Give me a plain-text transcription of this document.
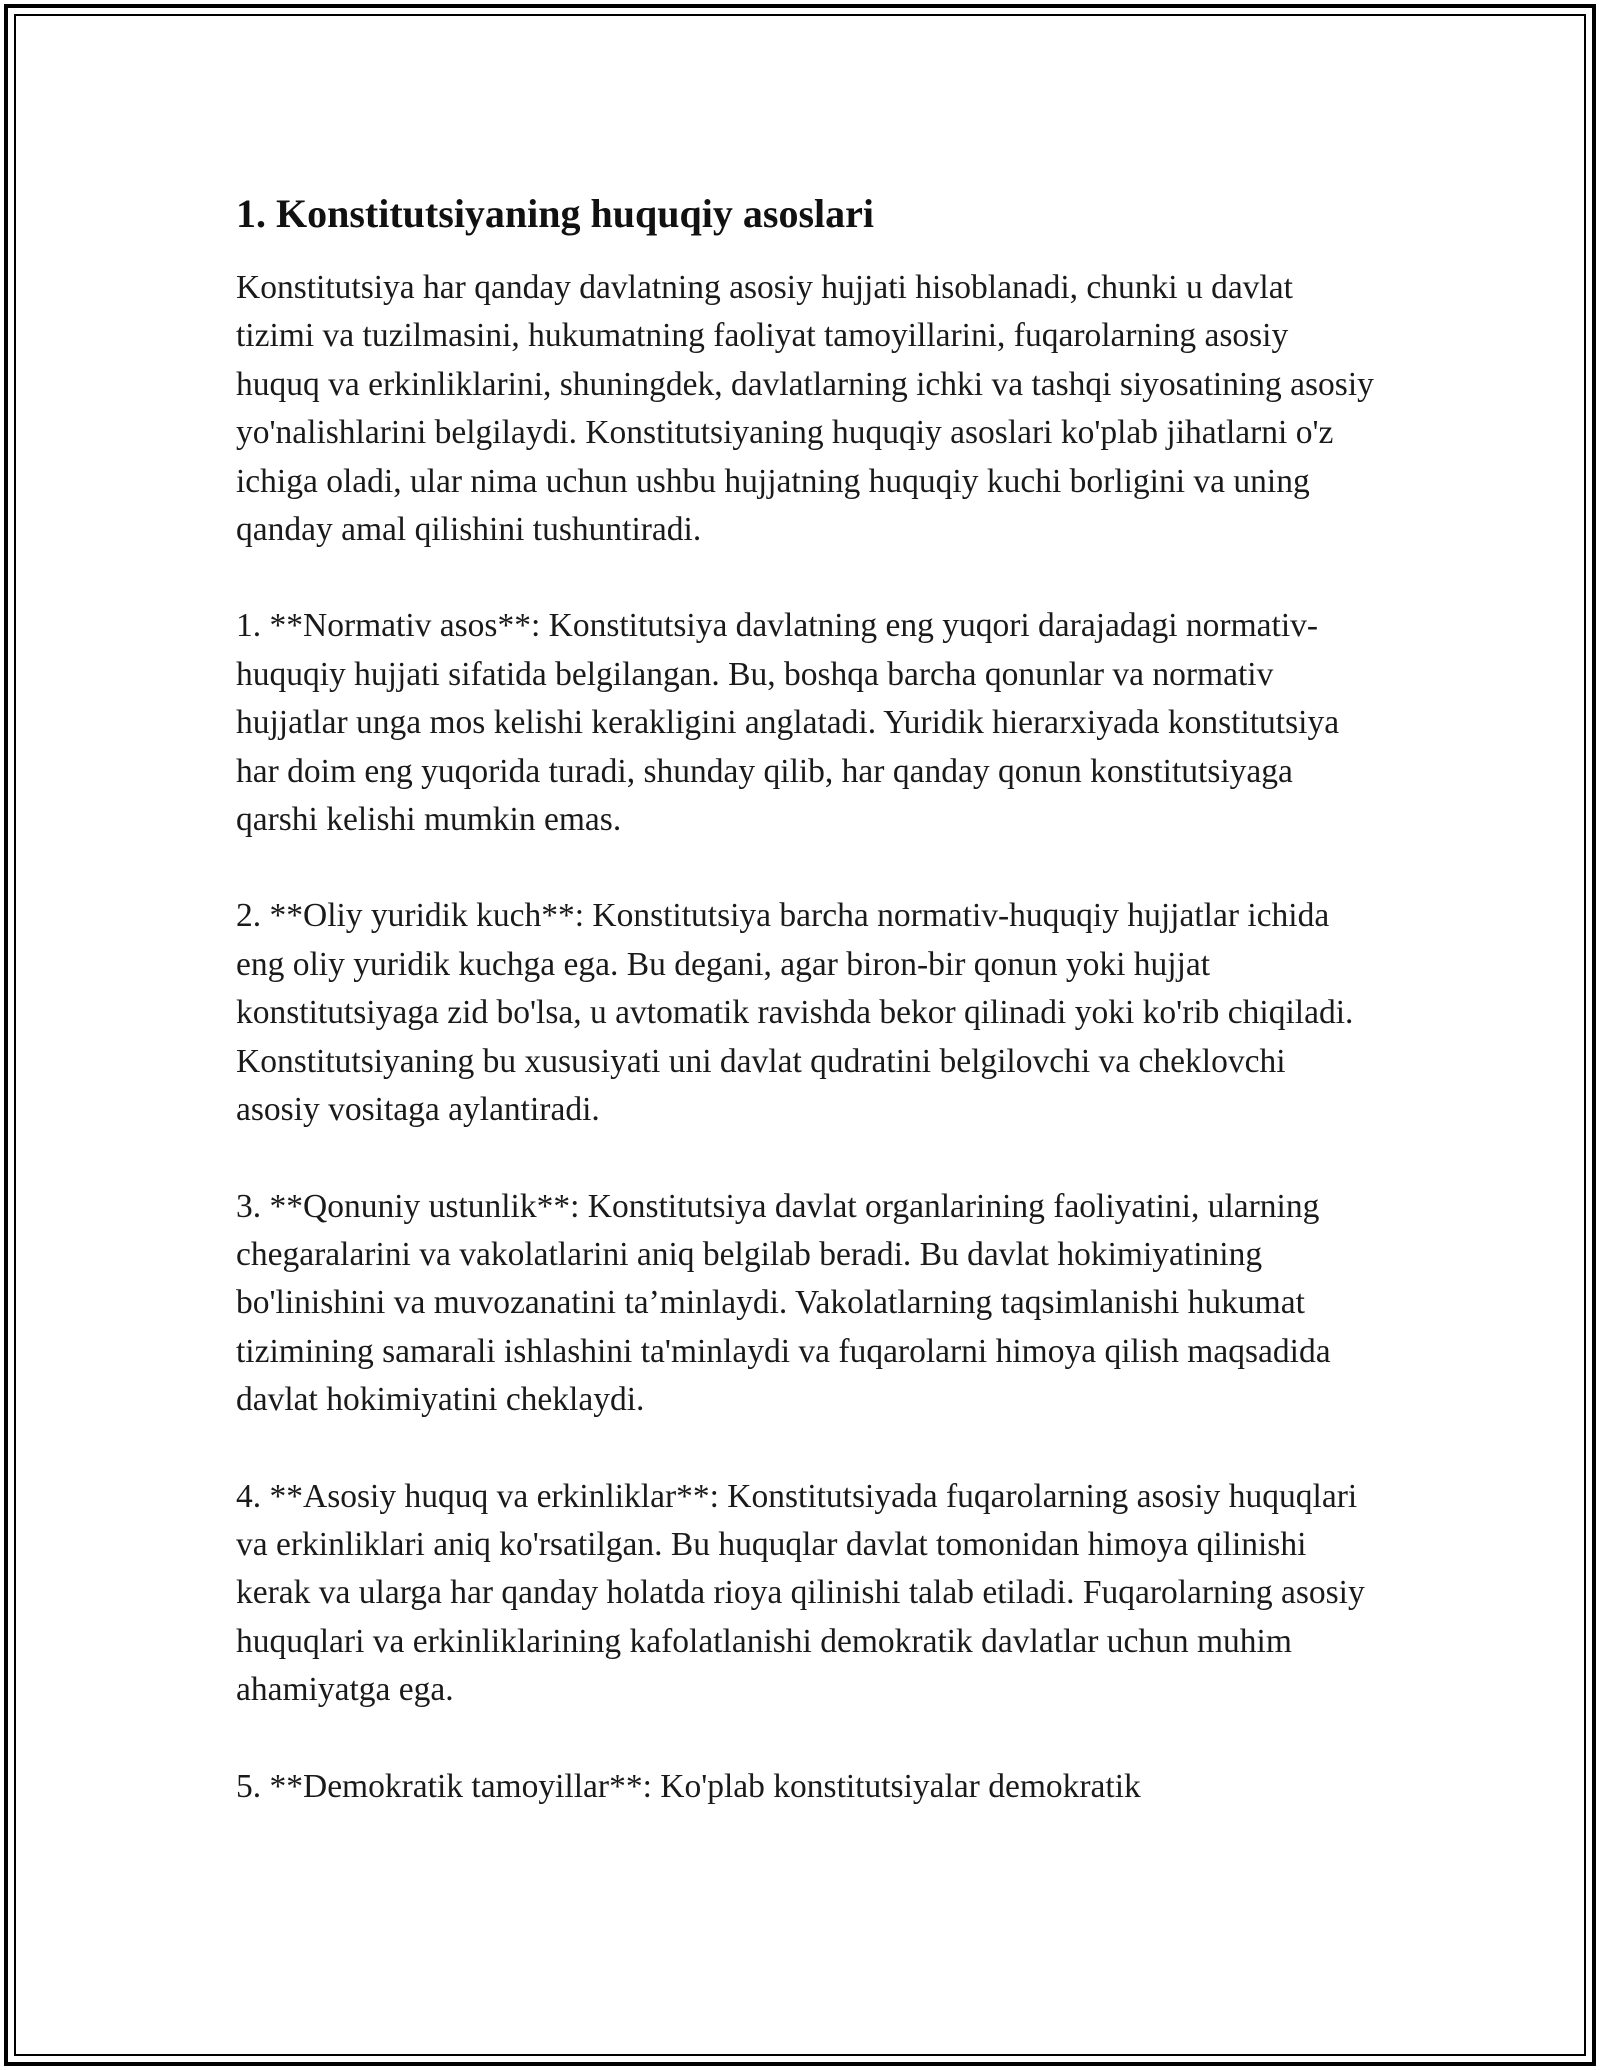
1. Konstitutsiyaning huquqiy asoslari

Konstitutsiya har qanday davlatning asosiy hujjati hisoblanadi, chunki u davlat tizimi va tuzilmasini, hukumatning faoliyat tamoyillarini, fuqarolarning asosiy huquq va erkinliklarini, shuningdek, davlatlarning ichki va tashqi siyosatining asosiy yo'nalishlarini belgilaydi. Konstitutsiyaning huquqiy asoslari ko'plab jihatlarni o'z ichiga oladi, ular nima uchun ushbu hujjatning huquqiy kuchi borligini va uning qanday amal qilishini tushuntiradi.

1. **Normativ asos**: Konstitutsiya davlatning eng yuqori darajadagi normativ-huquqiy hujjati sifatida belgilangan. Bu, boshqa barcha qonunlar va normativ hujjatlar unga mos kelishi kerakligini anglatadi. Yuridik hierarxiyada konstitutsiya har doim eng yuqorida turadi, shunday qilib, har qanday qonun konstitutsiyaga qarshi kelishi mumkin emas.

2. **Oliy yuridik kuch**: Konstitutsiya barcha normativ-huquqiy hujjatlar ichida eng oliy yuridik kuchga ega. Bu degani, agar biron-bir qonun yoki hujjat konstitutsiyaga zid bo'lsa, u avtomatik ravishda bekor qilinadi yoki ko'rib chiqiladi. Konstitutsiyaning bu xususiyati uni davlat qudratini belgilovchi va cheklovchi asosiy vositaga aylantiradi.

3. **Qonuniy ustunlik**: Konstitutsiya davlat organlarining faoliyatini, ularning chegaralarini va vakolatlarini aniq belgilab beradi. Bu davlat hokimiyatining bo'linishini va muvozanatini ta’minlaydi. Vakolatlarning taqsimlanishi hukumat tizimining samarali ishlashini ta'minlaydi va fuqarolarni himoya qilish maqsadida davlat hokimiyatini cheklaydi.

4. **Asosiy huquq va erkinliklar**: Konstitutsiyada fuqarolarning asosiy huquqlari va erkinliklari aniq ko'rsatilgan. Bu huquqlar davlat tomonidan himoya qilinishi kerak va ularga har qanday holatda rioya qilinishi talab etiladi. Fuqarolarning asosiy huquqlari va erkinliklarining kafolatlanishi demokratik davlatlar uchun muhim ahamiyatga ega.

5. **Demokratik tamoyillar**: Ko'plab konstitutsiyalar demokratik
